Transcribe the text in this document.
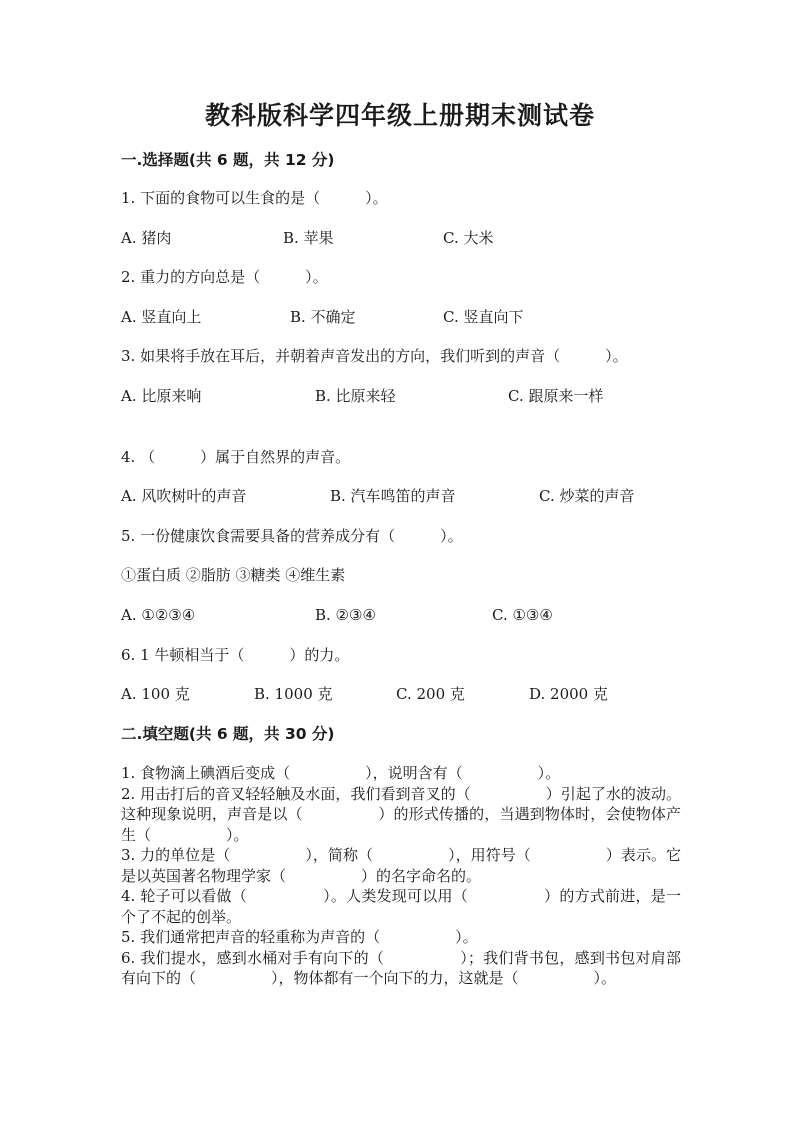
教科版科学四年级上册期末测试卷
一.选择题(共 6 题，共 12 分)
1. 下面的食物可以生食的是（　　　）。
A. 猪肉	B. 苹果	C. 大米
2. 重力的方向总是（　　　）。
A. 竖直向上	B. 不确定	C. 竖直向下
3. 如果将手放在耳后，并朝着声音发出的方向，我们听到的声音（　　　）。
A. 比原来响	B. 比原来轻	C. 跟原来一样
4. （　　　）属于自然界的声音。
A. 风吹树叶的声音	B. 汽车鸣笛的声音	C. 炒菜的声音
5. 一份健康饮食需要具备的营养成分有（　　　）。
①蛋白质 ②脂肪 ③糖类 ④维生素
A. ①②③④	B. ②③④	C. ①③④
6. 1 牛顿相当于（　　　）的力。
A. 100 克	B. 1000 克	C. 200 克	D. 2000 克
二.填空题(共 6 题，共 30 分)

1. 食物滴上碘酒后变成（　　　　　），说明含有（　　　　　）。

2. 用击打后的音叉轻轻触及水面，我们看到音叉的（　　　　　）引起了水的波动。这种现象说明，声音是以（　　　　　）的形式传播的，当遇到物体时，会使物体产生（　　　　　）。

3. 力的单位是（　　　　　），简称（　　　　　），用符号（　　　　　）表示。它是以英国著名物理学家（　　　　　）的名字命名的。

4. 轮子可以看做（　　　　　）。人类发现可以用（　　　　　）的方式前进，是一个了不起的创举。

5. 我们通常把声音的轻重称为声音的（　　　　　）。

6. 我们提水，感到水桶对手有向下的（　　　　　）；我们背书包，感到书包对肩部有向下的（　　　　　），物体都有一个向下的力，这就是（　　　　　）。
